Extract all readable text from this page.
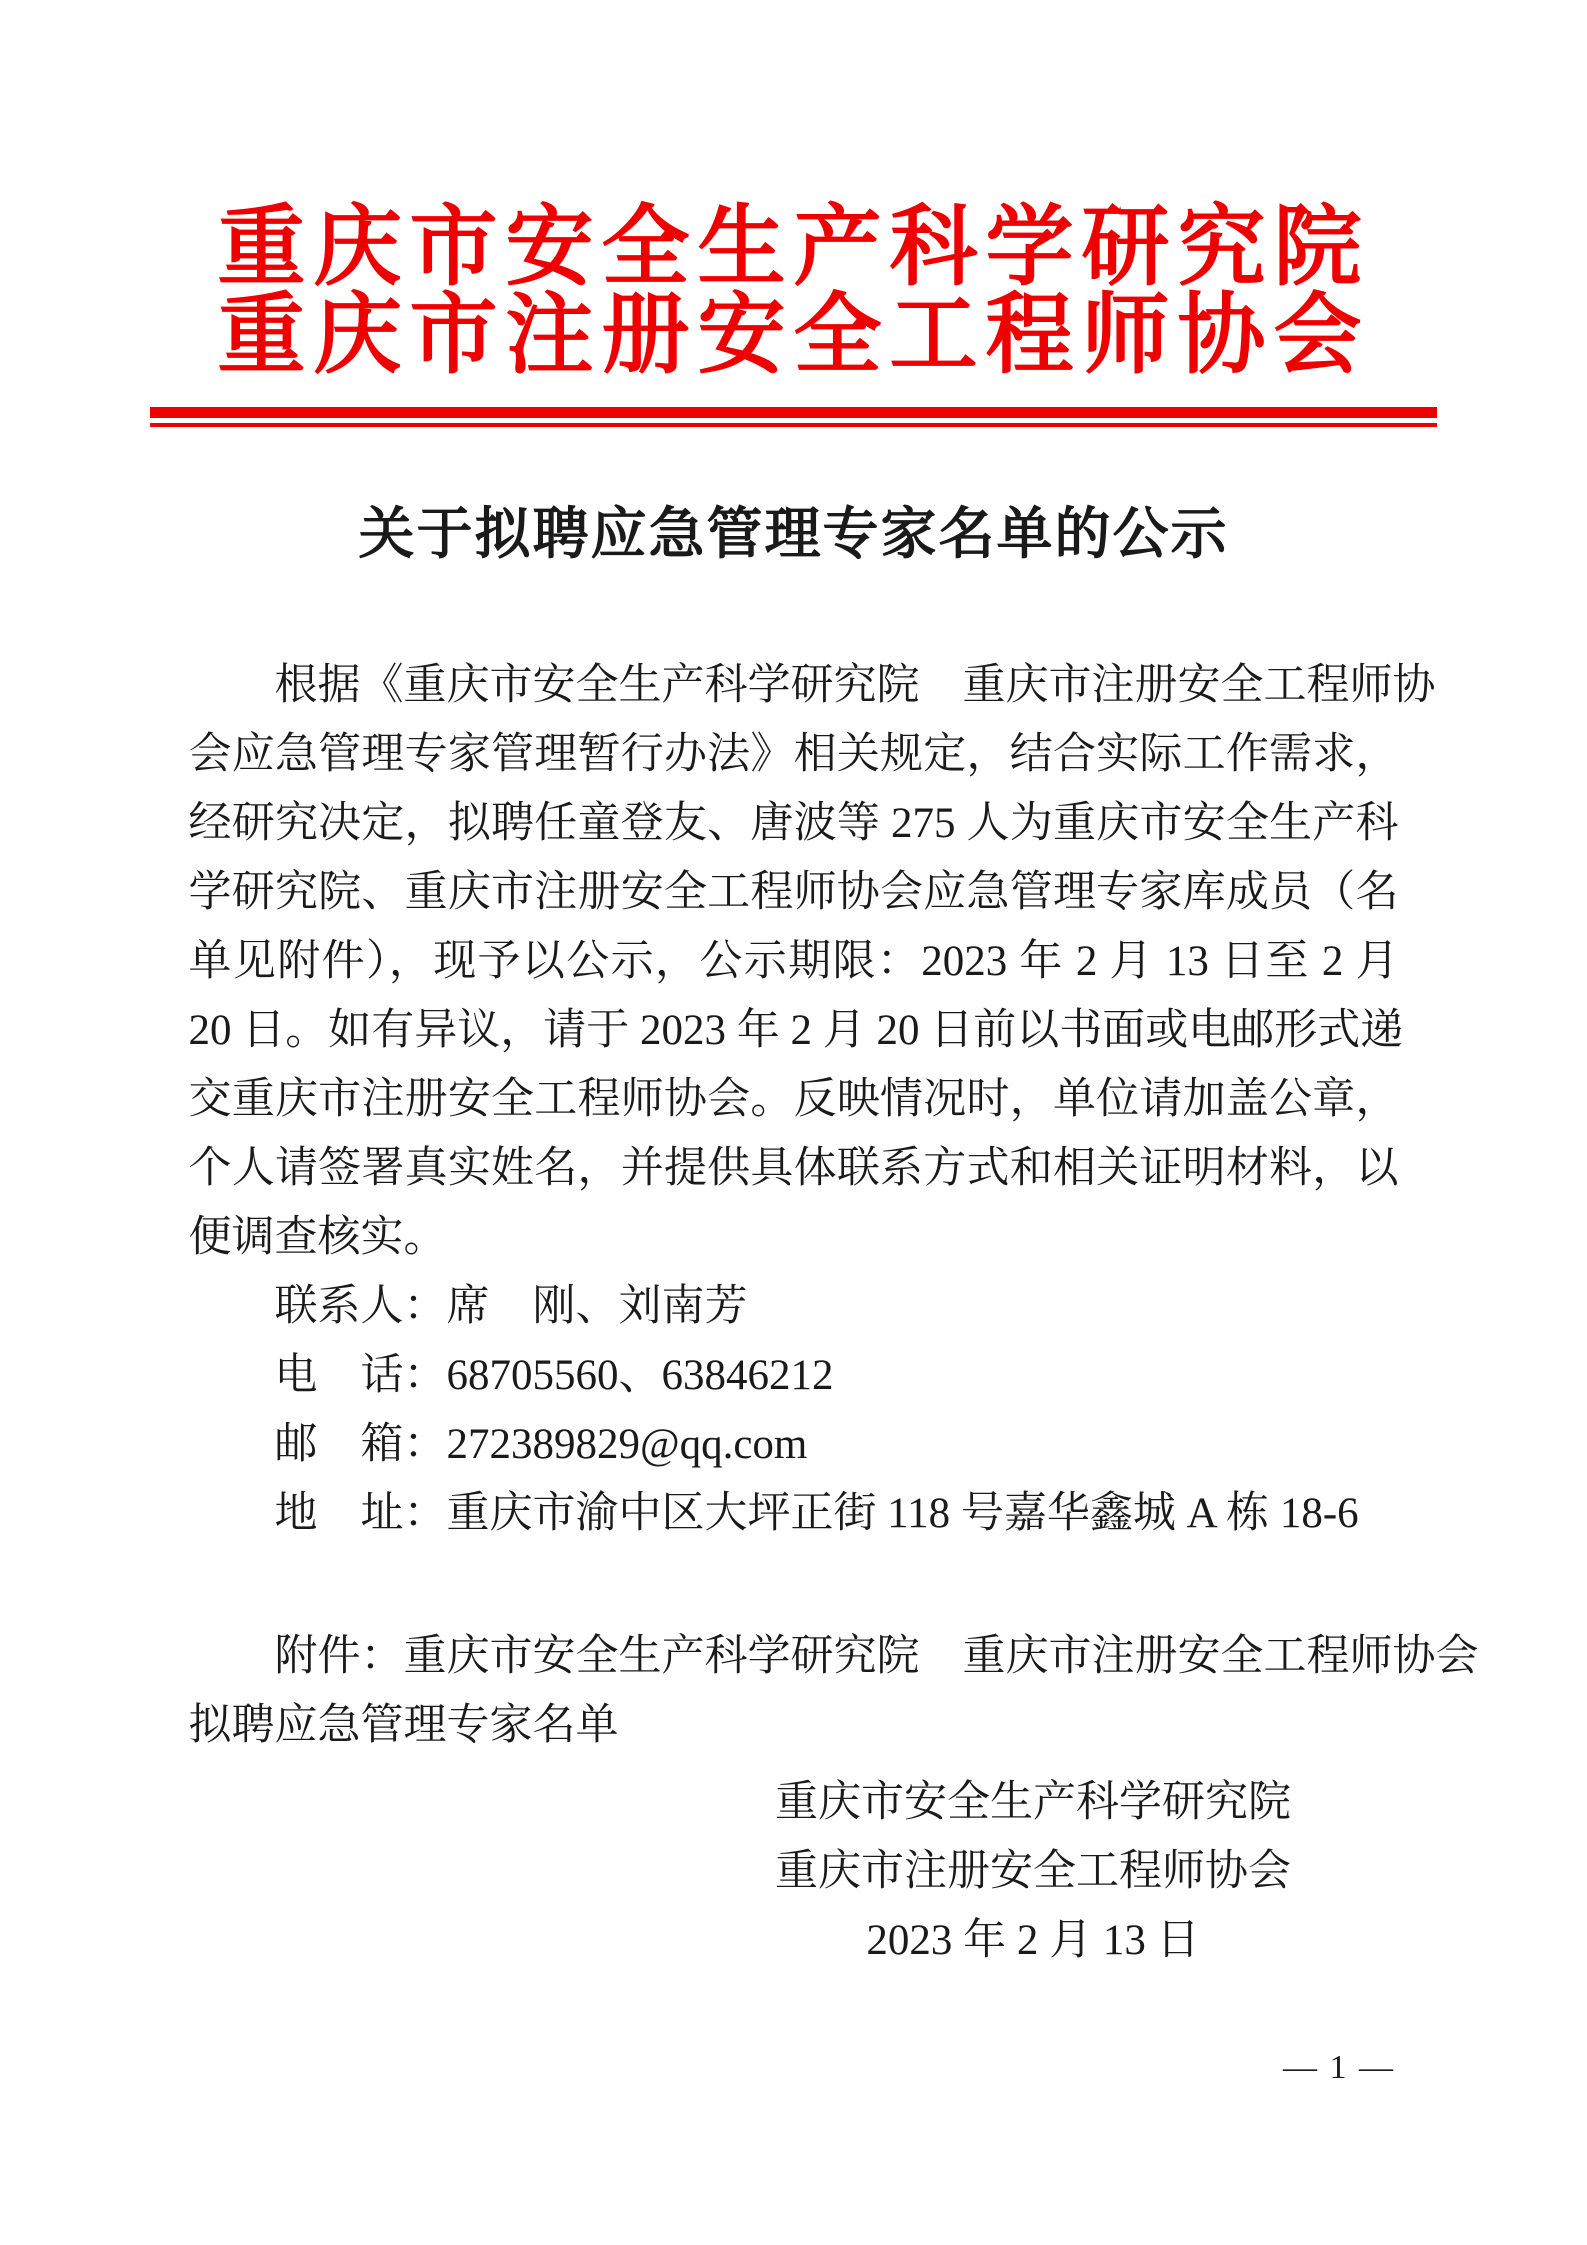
重庆市安全生产科学研究院
重庆市注册安全工程师协会
关于拟聘应急管理专家名单的公示
根据《重庆市安全生产科学研究院　重庆市注册安全工程师协
会应急管理专家管理暂行办法》相关规定，结合实际工作需求，
经研究决定，拟聘任童登友、唐波等 275 人为重庆市安全生产科
学研究院、重庆市注册安全工程师协会应急管理专家库成员（名
单见附件），现予以公示，公示期限：2023 年 2 月 13 日至 2 月
20 日。如有异议，请于 2023 年 2 月 20 日前以书面或电邮形式递
交重庆市注册安全工程师协会。反映情况时，单位请加盖公章，
个人请签署真实姓名，并提供具体联系方式和相关证明材料，以
便调查核实。
联系人：席　刚、刘南芳
电　话：68705560、63846212
邮　箱：272389829@qq.com
地　址：重庆市渝中区大坪正街 118 号嘉华鑫城 A 栋 18-6
附件：重庆市安全生产科学研究院　重庆市注册安全工程师协会
拟聘应急管理专家名单
重庆市安全生产科学研究院
重庆市注册安全工程师协会
2023 年 2 月 13 日
— 1 —
